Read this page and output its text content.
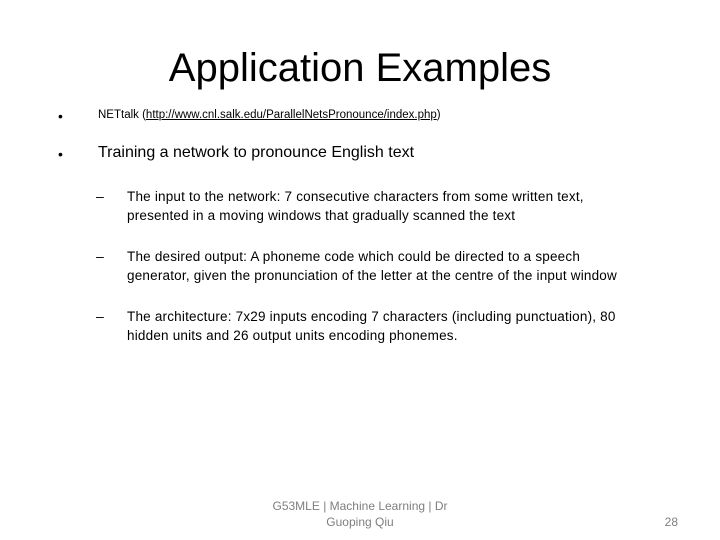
Application Examples
•	NETtalk (http://www.cnl.salk.edu/ParallelNetsPronounce/index.php)
• Training a network to pronounce English text
– The input to the network: 7 consecutive characters from some written text,
presented in a moving windows that gradually scanned the text
– The desired output: A phoneme code which could be directed to a speech
generator, given the pronunciation of the letter at the centre of the input window
– The architecture: 7x29 inputs encoding 7 characters (including punctuation), 80
hidden units and 26 output units encoding phonemes.
G53MLE | Machine Learning | Dr
Guoping Qiu	28
